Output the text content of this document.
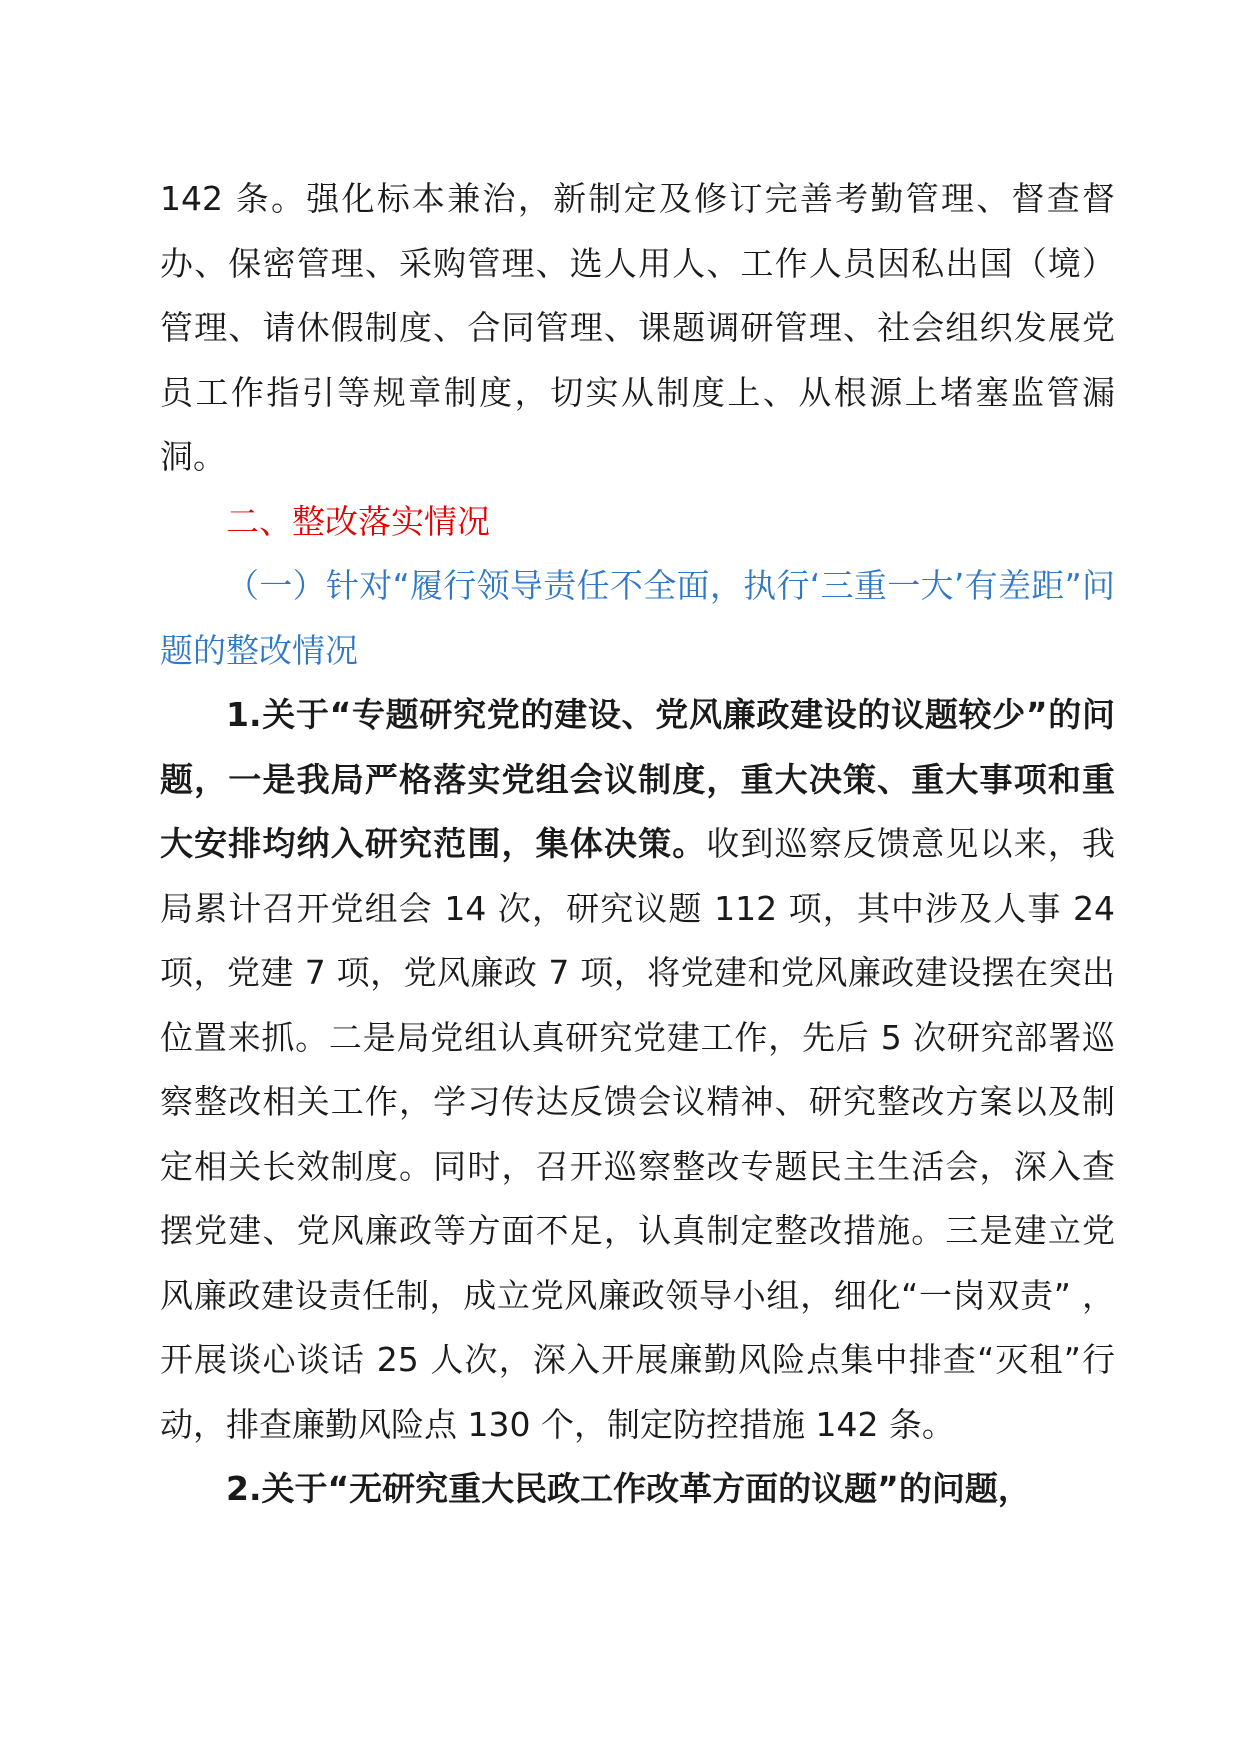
142 条。强化标本兼治，新制定及修订完善考勤管理、督查督办、保密管理、采购管理、选人用人、工作人员因私出国（境）管理、请休假制度、合同管理、课题调研管理、社会组织发展党员工作指引等规章制度，切实从制度上、从根源上堵塞监管漏洞。

二、整改落实情况

（一）针对“履行领导责任不全面，执行‘三重一大’有差距”问题的整改情况

1.关于“专题研究党的建设、党风廉政建设的议题较少”的问题，一是我局严格落实党组会议制度，重大决策、重大事项和重大安排均纳入研究范围，集体决策。收到巡察反馈意见以来，我局累计召开党组会 14 次，研究议题 112 项，其中涉及人事 24 项，党建 7 项，党风廉政 7 项，将党建和党风廉政建设摆在突出位置来抓。二是局党组认真研究党建工作，先后 5 次研究部署巡察整改相关工作，学习传达反馈会议精神、研究整改方案以及制定相关长效制度。同时，召开巡察整改专题民主生活会，深入查摆党建、党风廉政等方面不足，认真制定整改措施。三是建立党风廉政建设责任制，成立党风廉政领导小组，细化“一岗双责” ，开展谈心谈话 25 人次，深入开展廉勤风险点集中排查“灭租”行动，排查廉勤风险点 130 个，制定防控措施 142 条。

2.关于“无研究重大民政工作改革方面的议题”的问题，
